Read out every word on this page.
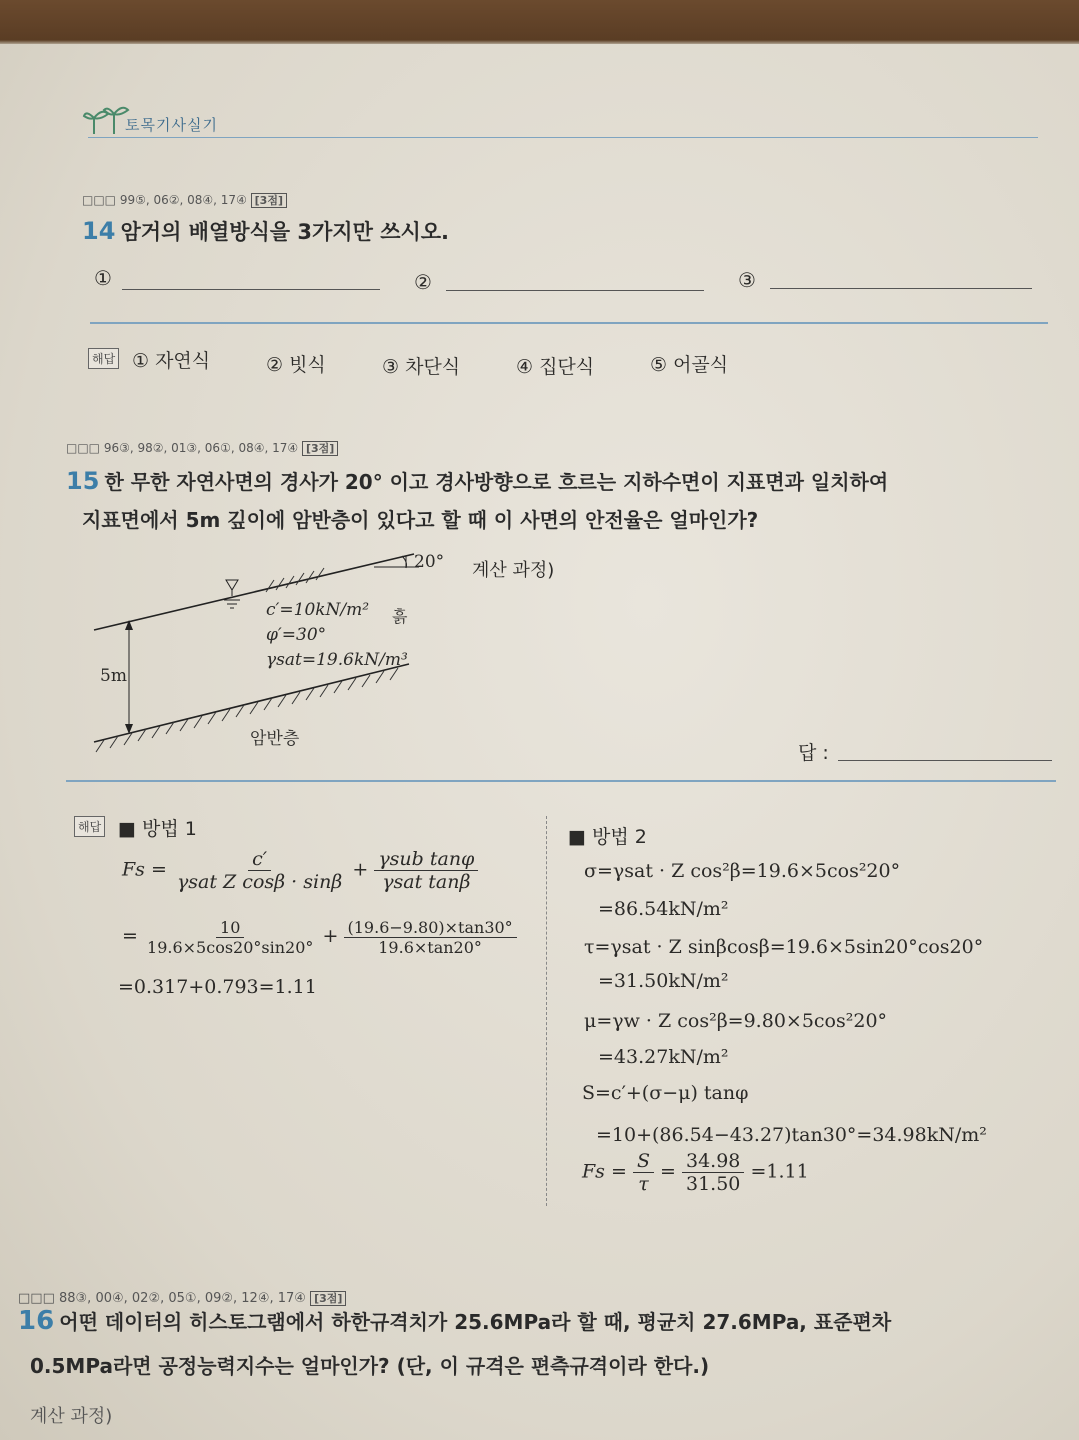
토목기사실기
□□□ 99⑤, 06②, 08④, 17④ [3점]
14 암거의 배열방식을 3가지만 쓰시오.
①	②	③
해답 ① 자연식	② 빗식	③ 차단식	④ 집단식	⑤ 어골식
□□□ 96③, 98②, 01③, 06①, 08④, 17④ [3점]
15 한 무한 자연사면의 경사가 20° 이고 경사방향으로 흐르는 지하수면이 지표면과 일치하여
지표면에서 5m 깊이에 암반층이 있다고 할 때 이 사면의 안전율은 얼마인가?
20°
c′=10kN/m² 흙
φ′=30°
γsat=19.6kN/m³
5m
암반층
계산 과정)
답 :
해답 ■ 방법 1
$Fs = \frac{c'}{\text{γsat Z cosβ · sinβ}} + \frac{\text{γsub tanφ}}{\text{γsat tanβ}}$
= $\frac{10}{19.6\times 5\cos 20^\circ\sin 20^\circ} + \frac{(19.6-9.80)\times\tan 30^\circ}{19.6\times\tan 20^\circ}$
=0.317+0.793=1.11
■ 방법 2
σ=γsat · Z cos²β=19.6×5cos²20°
=86.54kN/m²
τ=γsat · Z sinβcosβ=19.6×5sin20°cos20°
=31.50kN/m²
μ=γw · Z cos²β=9.80×5cos²20°
=43.27kN/m²
S=c′+(σ−μ) tanφ
=10+(86.54−43.27)tan30°=34.98kN/m²
$Fs = \frac{S}{\tau} = \frac{34.98}{31.50} =1.11$
□□□ 88③, 00④, 02②, 05①, 09②, 12④, 17④ [3점]
16 어떤 데이터의 히스토그램에서 하한규격치가 25.6MPa라 할 때, 평균치 27.6MPa, 표준편차
0.5MPa라면 공정능력지수는 얼마인가? (단, 이 규격은 편측규격이라 한다.)
계산 과정)
